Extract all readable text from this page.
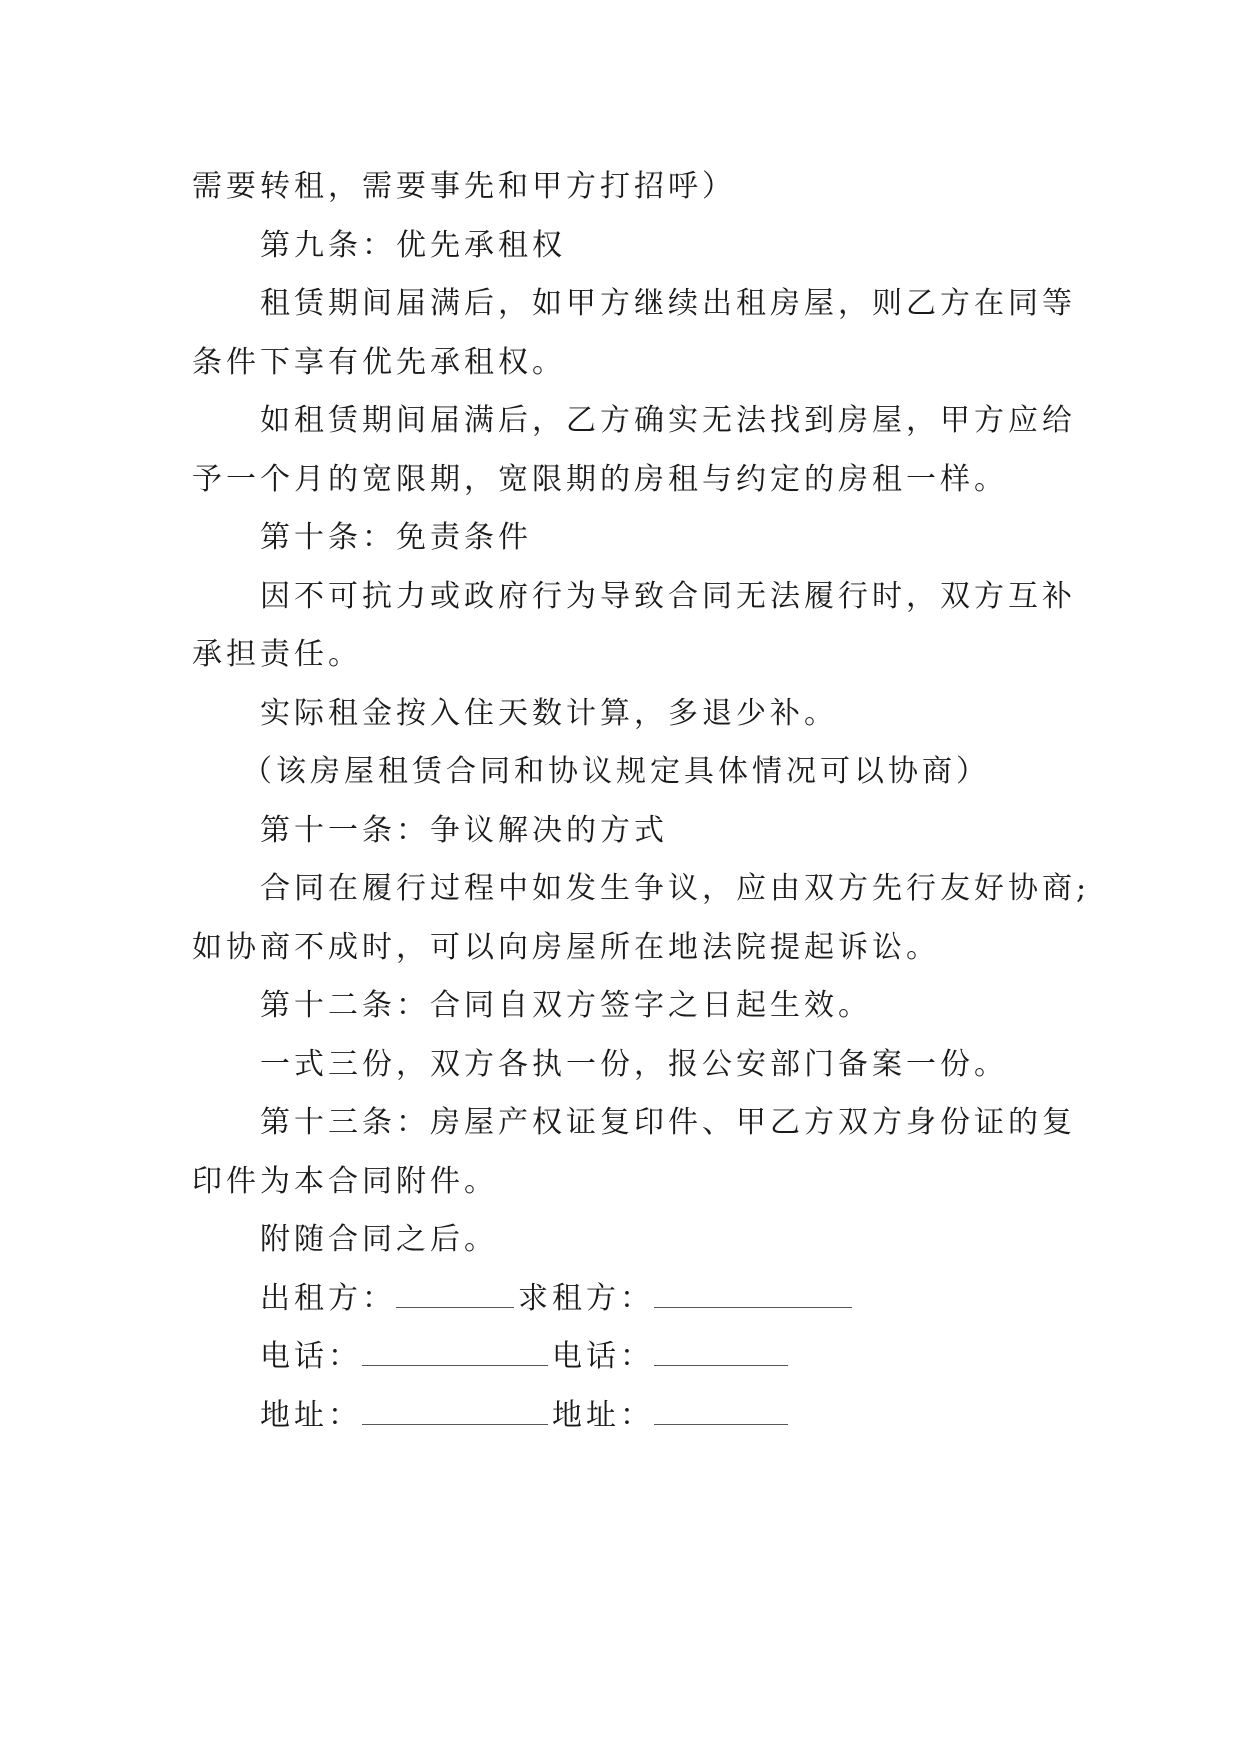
需要转租，需要事先和甲方打招呼）
第九条：优先承租权
租赁期间届满后，如甲方继续出租房屋，则乙方在同等
条件下享有优先承租权。
如租赁期间届满后，乙方确实无法找到房屋，甲方应给
予一个月的宽限期，宽限期的房租与约定的房租一样。
第十条：免责条件
因不可抗力或政府行为导致合同无法履行时，双方互补
承担责任。
实际租金按入住天数计算，多退少补。
（该房屋租赁合同和协议规定具体情况可以协商）
第十一条：争议解决的方式
合同在履行过程中如发生争议，应由双方先行友好协商;
如协商不成时，可以向房屋所在地法院提起诉讼。
第十二条：合同自双方签字之日起生效。
一式三份，双方各执一份，报公安部门备案一份。
第十三条：房屋产权证复印件、甲乙方双方身份证的复
印件为本合同附件。
附随合同之后。
出租方：	求租方：
电话：	电话：
地址：	地址：
